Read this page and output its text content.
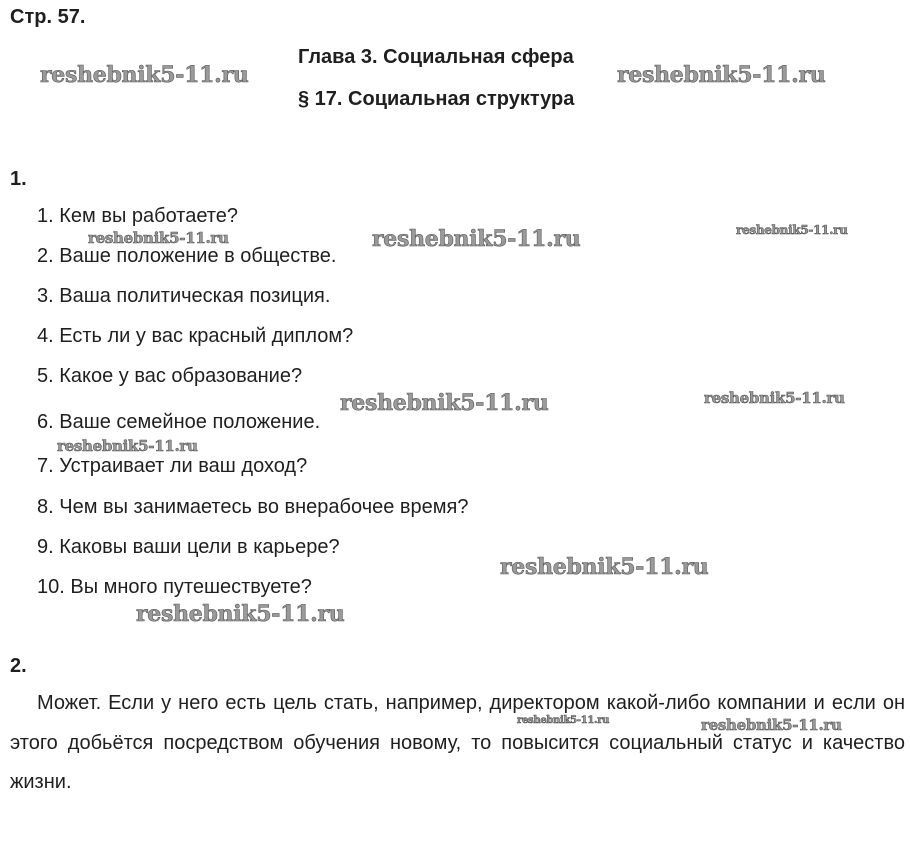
Стр. 57.
Глава 3. Социальная сфера
§ 17. Социальная структура
1.
1. Кем вы работаете?
2. Ваше положение в обществе.
3. Ваша политическая позиция.
4. Есть ли у вас красный диплом?
5. Какое у вас образование?
6. Ваше семейное положение.
7. Устраивает ли ваш доход?
8. Чем вы занимаетесь во внерабочее время?
9. Каковы ваши цели в карьере?
10. Вы много путешествуете?
2.
Может. Если у него есть цель стать, например, директором какой-либо компании и если он этого добьётся посредством обучения новому, то повысится социальный статус и качество жизни.
reshebnik5-11.ru	reshebnik5-11.ru
reshebnik5-11.ru	reshebnik5-11.ru	reshebnik5-11.ru
reshebnik5-11.ru	reshebnik5-11.ru
reshebnik5-11.ru
reshebnik5-11.ru
reshebnik5-11.ru
reshebnik5-11.ru	reshebnik5-11.ru
